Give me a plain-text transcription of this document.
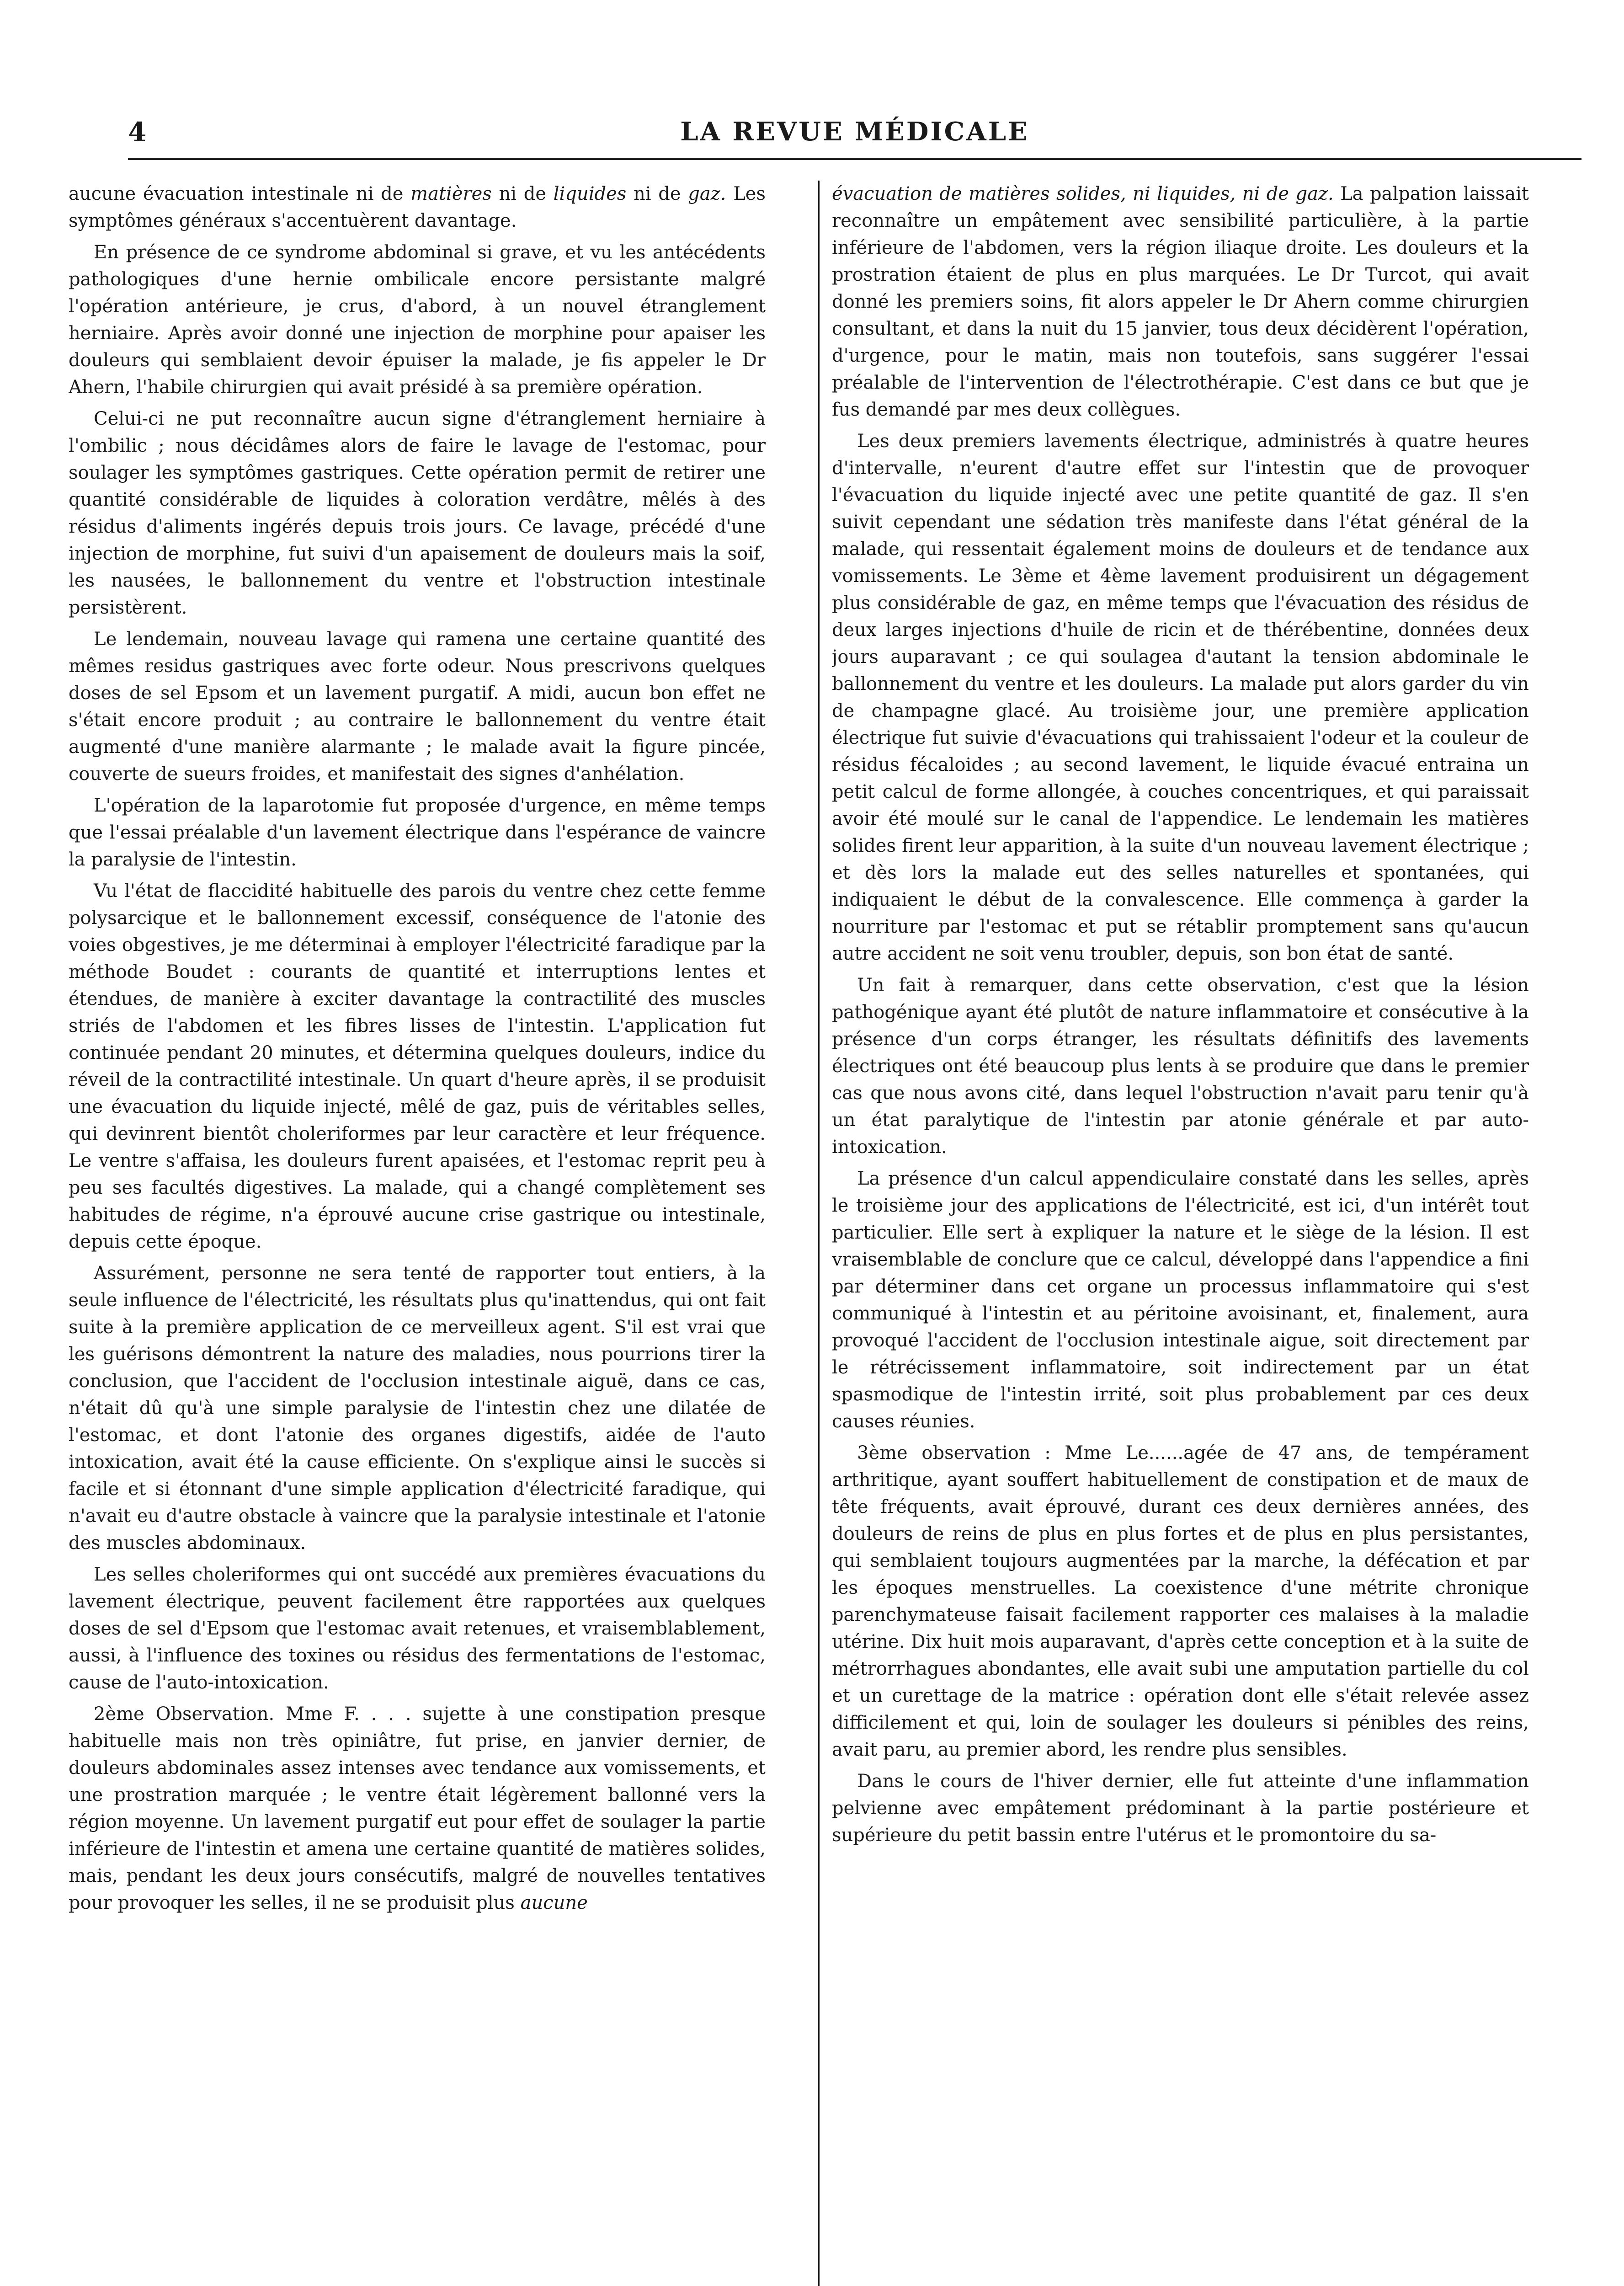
4	LA REVUE MÉDICALE

aucune évacuation intestinale ni de matières ni de liquides ni de gaz. Les symptômes généraux s'accentuèrent davantage.

En présence de ce syndrome abdominal si grave, et vu les antécédents pathologiques d'une hernie ombilicale encore persistante malgré l'opération antérieure, je crus, d'abord, à un nouvel étranglement herniaire. Après avoir donné une injection de morphine pour apaiser les douleurs qui semblaient devoir épuiser la malade, je fis appeler le Dr Ahern, l'habile chirurgien qui avait présidé à sa première opération.

Celui-ci ne put reconnaître aucun signe d'étranglement herniaire à l'ombilic ; nous décidâmes alors de faire le lavage de l'estomac, pour soulager les symptômes gastriques. Cette opération permit de retirer une quantité considérable de liquides à coloration verdâtre, mêlés à des résidus d'aliments ingérés depuis trois jours. Ce lavage, précédé d'une injection de morphine, fut suivi d'un apaisement de douleurs mais la soif, les nausées, le ballonnement du ventre et l'obstruction intestinale persistèrent.

Le lendemain, nouveau lavage qui ramena une certaine quantité des mêmes residus gastriques avec forte odeur. Nous prescrivons quelques doses de sel Epsom et un lavement purgatif. A midi, aucun bon effet ne s'était encore produit ; au contraire le ballonnement du ventre était augmenté d'une manière alarmante ; le malade avait la figure pincée, couverte de sueurs froides, et manifestait des signes d'anhélation.

L'opération de la laparotomie fut proposée d'urgence, en même temps que l'essai préalable d'un lavement électrique dans l'espérance de vaincre la paralysie de l'intestin.

Vu l'état de flaccidité habituelle des parois du ventre chez cette femme polysarcique et le ballonnement excessif, conséquence de l'atonie des voies obgestives, je me déterminai à employer l'électricité faradique par la méthode Boudet : courants de quantité et interruptions lentes et étendues, de manière à exciter davantage la contractilité des muscles striés de l'abdomen et les fibres lisses de l'intestin. L'application fut continuée pendant 20 minutes, et détermina quelques douleurs, indice du réveil de la contractilité intestinale. Un quart d'heure après, il se produisit une évacuation du liquide injecté, mêlé de gaz, puis de véritables selles, qui devinrent bientôt choleriformes par leur caractère et leur fréquence. Le ventre s'affaisa, les douleurs furent apaisées, et l'estomac reprit peu à peu ses facultés digestives. La malade, qui a changé complètement ses habitudes de régime, n'a éprouvé aucune crise gastrique ou intestinale, depuis cette époque.

Assurément, personne ne sera tenté de rapporter tout entiers, à la seule influence de l'électricité, les résultats plus qu'inattendus, qui ont fait suite à la première application de ce merveilleux agent. S'il est vrai que les guérisons démontrent la nature des maladies, nous pourrions tirer la conclusion, que l'accident de l'occlusion intestinale aiguë, dans ce cas, n'était dû qu'à une simple paralysie de l'intestin chez une dilatée de l'estomac, et dont l'atonie des organes digestifs, aidée de l'auto intoxication, avait été la cause efficiente. On s'explique ainsi le succès si facile et si étonnant d'une simple application d'électricité faradique, qui n'avait eu d'autre obstacle à vaincre que la paralysie intestinale et l'atonie des muscles abdominaux.

Les selles choleriformes qui ont succédé aux premières évacuations du lavement électrique, peuvent facilement être rapportées aux quelques doses de sel d'Epsom que l'estomac avait retenues, et vraisemblablement, aussi, à l'influence des toxines ou résidus des fermentations de l'estomac, cause de l'auto-intoxication.

2ème Observation. Mme F. . . . sujette à une constipation presque habituelle mais non très opiniâtre, fut prise, en janvier dernier, de douleurs abdominales assez intenses avec tendance aux vomissements, et une prostration marquée ; le ventre était légèrement ballonné vers la région moyenne. Un lavement purgatif eut pour effet de soulager la partie inférieure de l'intestin et amena une certaine quantité de matières solides, mais, pendant les deux jours consécutifs, malgré de nouvelles tentatives pour provoquer les selles, il ne se produisit plus aucune

évacuation de matières solides, ni liquides, ni de gaz. La palpation laissait reconnaître un empâtement avec sensibilité particulière, à la partie inférieure de l'abdomen, vers la région iliaque droite. Les douleurs et la prostration étaient de plus en plus marquées. Le Dr Turcot, qui avait donné les premiers soins, fit alors appeler le Dr Ahern comme chirurgien consultant, et dans la nuit du 15 janvier, tous deux décidèrent l'opération, d'urgence, pour le matin, mais non toutefois, sans suggérer l'essai préalable de l'intervention de l'électrothérapie. C'est dans ce but que je fus demandé par mes deux collègues.

Les deux premiers lavements électrique, administrés à quatre heures d'intervalle, n'eurent d'autre effet sur l'intestin que de provoquer l'évacuation du liquide injecté avec une petite quantité de gaz. Il s'en suivit cependant une sédation très manifeste dans l'état général de la malade, qui ressentait également moins de douleurs et de tendance aux vomissements. Le 3ème et 4ème lavement produisirent un dégagement plus considérable de gaz, en même temps que l'évacuation des résidus de deux larges injections d'huile de ricin et de thérébentine, données deux jours auparavant ; ce qui soulagea d'autant la tension abdominale le ballonnement du ventre et les douleurs. La malade put alors garder du vin de champagne glacé. Au troisième jour, une première application électrique fut suivie d'évacuations qui trahissaient l'odeur et la couleur de résidus fécaloides ; au second lavement, le liquide évacué entraina un petit calcul de forme allongée, à couches concentriques, et qui paraissait avoir été moulé sur le canal de l'appendice. Le lendemain les matières solides firent leur apparition, à la suite d'un nouveau lavement électrique ; et dès lors la malade eut des selles naturelles et spontanées, qui indiquaient le début de la convalescence. Elle commença à garder la nourriture par l'estomac et put se rétablir promptement sans qu'aucun autre accident ne soit venu troubler, depuis, son bon état de santé.

Un fait à remarquer, dans cette observation, c'est que la lésion pathogénique ayant été plutôt de nature inflammatoire et consécutive à la présence d'un corps étranger, les résultats définitifs des lavements électriques ont été beaucoup plus lents à se produire que dans le premier cas que nous avons cité, dans lequel l'obstruction n'avait paru tenir qu'à un état paralytique de l'intestin par atonie générale et par auto-intoxication.

La présence d'un calcul appendiculaire constaté dans les selles, après le troisième jour des applications de l'électricité, est ici, d'un intérêt tout particulier. Elle sert à expliquer la nature et le siège de la lésion. Il est vraisemblable de conclure que ce calcul, développé dans l'appendice a fini par déterminer dans cet organe un processus inflammatoire qui s'est communiqué à l'intestin et au péritoine avoisinant, et, finalement, aura provoqué l'accident de l'occlusion intestinale aigue, soit directement par le rétrécissement inflammatoire, soit indirectement par un état spasmodique de l'intestin irrité, soit plus probablement par ces deux causes réunies.

3ème observation : Mme Le......agée de 47 ans, de tempérament arthritique, ayant souffert habituellement de constipation et de maux de tête fréquents, avait éprouvé, durant ces deux dernières années, des douleurs de reins de plus en plus fortes et de plus en plus persistantes, qui semblaient toujours augmentées par la marche, la défécation et par les époques menstruelles. La coexistence d'une métrite chronique parenchymateuse faisait facilement rapporter ces malaises à la maladie utérine. Dix huit mois auparavant, d'après cette conception et à la suite de métrorrhagues abondantes, elle avait subi une amputation partielle du col et un curettage de la matrice : opération dont elle s'était relevée assez difficilement et qui, loin de soulager les douleurs si pénibles des reins, avait paru, au premier abord, les rendre plus sensibles.

Dans le cours de l'hiver dernier, elle fut atteinte d'une inflammation pelvienne avec empâtement prédominant à la partie postérieure et supérieure du petit bassin entre l'utérus et le promontoire du sa-
